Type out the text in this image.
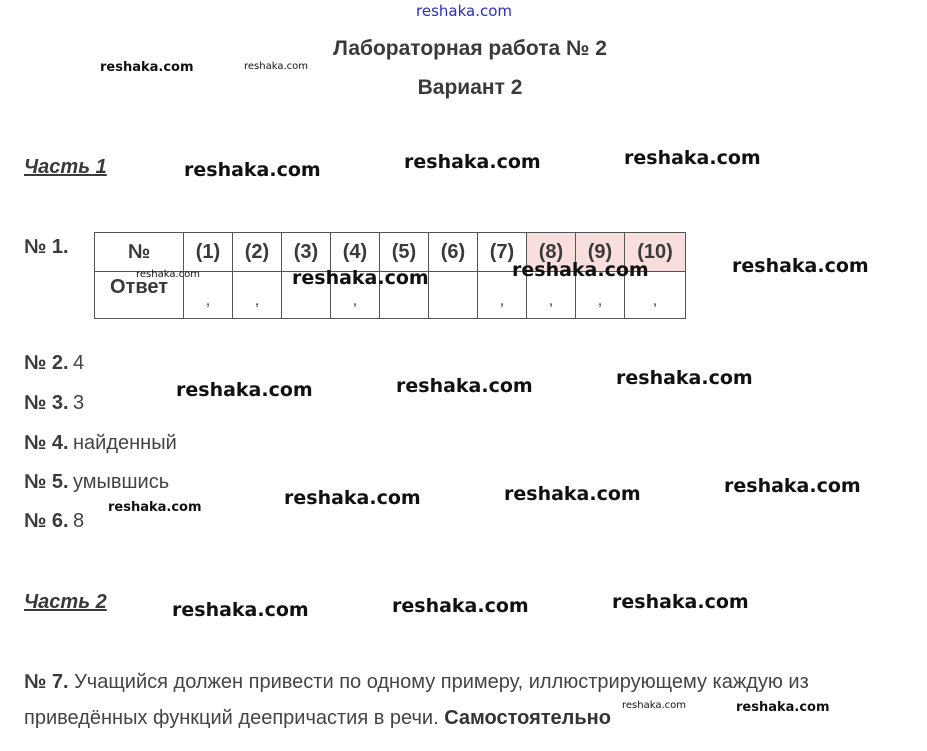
reshaka.com
Лабораторная работа № 2
Вариант 2
Часть 1
№ 1.	№	(1)	(2)	(3)	(4)	(5)	(6)	(7)	(8)	(9)	(10)
Ответ	,	,		,			,	,	,	,
№ 2. 4
№ 3. 3
№ 4. найденный
№ 5. умывшись
№ 6. 8
Часть 2
№ 7. Учащийся должен привести по одному примеру, иллюстрирующему каждую из
приведённых функций деепричастия в речи. Самостоятельно
reshaka.com	reshaka.com
reshaka.com	reshaka.com	reshaka.com
reshaka.com	reshaka.com	reshaka.com	reshaka.com
reshaka.com	reshaka.com	reshaka.com
reshaka.com	reshaka.com	reshaka.com	reshaka.com
reshaka.com	reshaka.com	reshaka.com
reshaka.com	reshaka.com
